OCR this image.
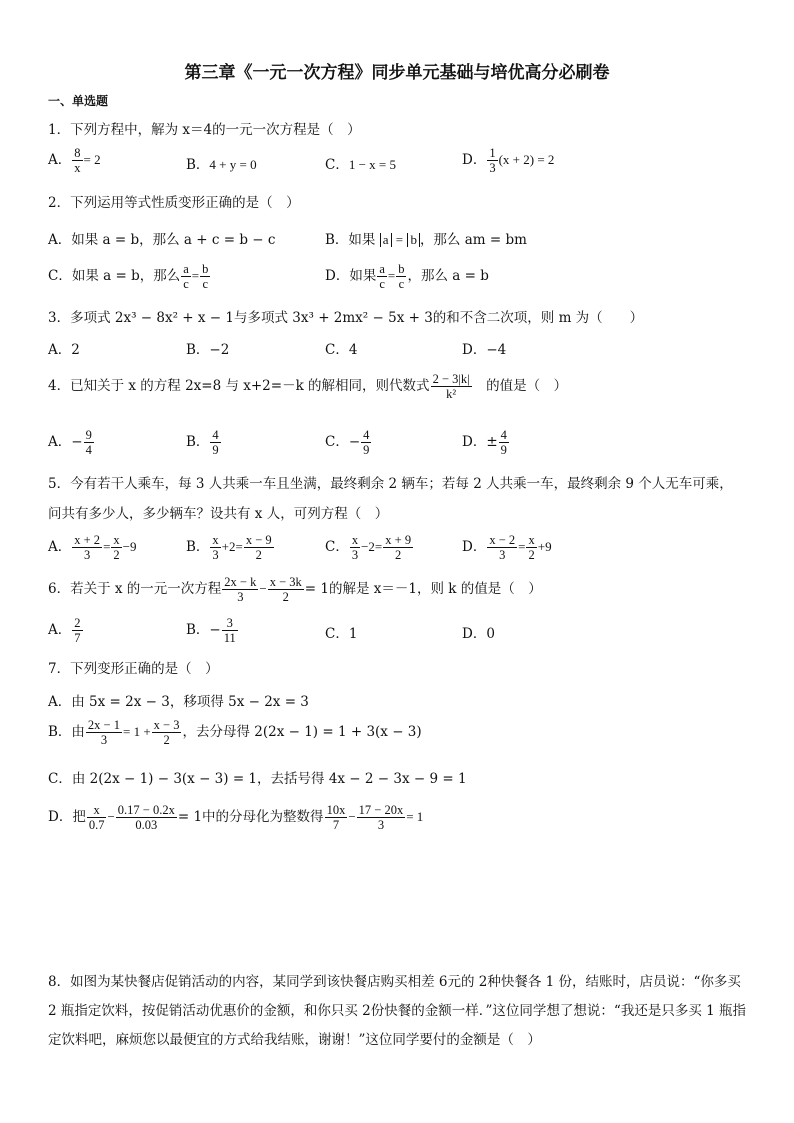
第三章《一元一次方程》同步单元基础与培优高分必刷卷
一、单选题
1．下列方程中，解为 x＝4的一元一次方程是（　）
A． $\frac{8}{x} = 2$	B．4 + y = 0	C．1 − x = 5	D． $\frac{1}{3} (x + 2) = 2$
2．下列运用等式性质变形正确的是（　）
A．如果 a = b，那么 a + c = b − c	B．如果 a = b ，那么 am = bm
C．如果 a = b，那么 $\frac{a}{c} = \frac{b}{c}$	D．如果 $\frac{a}{c} = \frac{b}{c}$ ，那么 a = b
3．多项式 2x³ − 8x² + x − 1与多项式 3x³ + 2mx² − 5x + 3的和不含二次项，则 m 为（　　）
A．2	B．−2	C．4	D．−4
4．已知关于 x 的方程 2x=8 与 x+2=－k 的解相同，则代数式 $\frac{2 - 3|k|}{\text{k²}}$
　 的值是（　）
A．− $\frac{9}{4}$	B． $\frac{4}{9}$	C．− $\frac{4}{9}$	D．± $\frac{4}{9}$
5．今有若干人乘车，每 3 人共乘一车且坐满，最终剩余 2 辆车；若每 2 人共乘一车，最终剩余 9 个人无车可乘，
问共有多少人，多少辆车？设共有 x 人，可列方程（　）
A． $\frac{x + 2}{3} = \frac{x}{2} -9$	B． $\frac{x}{3} +2= \frac{x - 9}{2}$	C． $\frac{x}{3} -2= \frac{x + 9}{2}$	D． $\frac{x - 2}{3} = \frac{x}{2} +9$
6．若关于 x 的一元一次方程 $\frac{2x - k}{3} - \frac{x - 3k}{2} = 1$的解是 x＝－1，则 k 的值是（　）
A． $\frac{2}{7}$	B．− $\frac{3}{11}$	C．1	D．0
7．下列变形正确的是（　）
A．由 5x = 2x − 3，移项得 5x − 2x = 3
B．由 $\frac{2x - 1}{3} = 1 + \frac{x - 3}{2}$ ，去分母得 2(2x − 1) = 1 + 3(x − 3)
C．由 2(2x − 1) − 3(x − 3) = 1，去括号得 4x − 2 − 3x − 9 = 1
D．把 $\frac{x}{0.7} - \frac{0.17 - 0.2x}{0.03} = 1$中的分母化为整数得 $\frac{10x}{7} - \frac{17 - 20x}{3} = 1$
8．如图为某快餐店促销活动的内容，某同学到该快餐店购买相差 6元的 2种快餐各 1 份，结账时，店员说：“你多买 2 瓶指定饮料，按促销活动优惠价的金额，和你只买 2份快餐的金额一样．”这位同学想了想说：“我还是只多买 1 瓶指定饮料吧，麻烦您以最便宜的方式给我结账，谢谢！”这位同学要付的金额是（　）
